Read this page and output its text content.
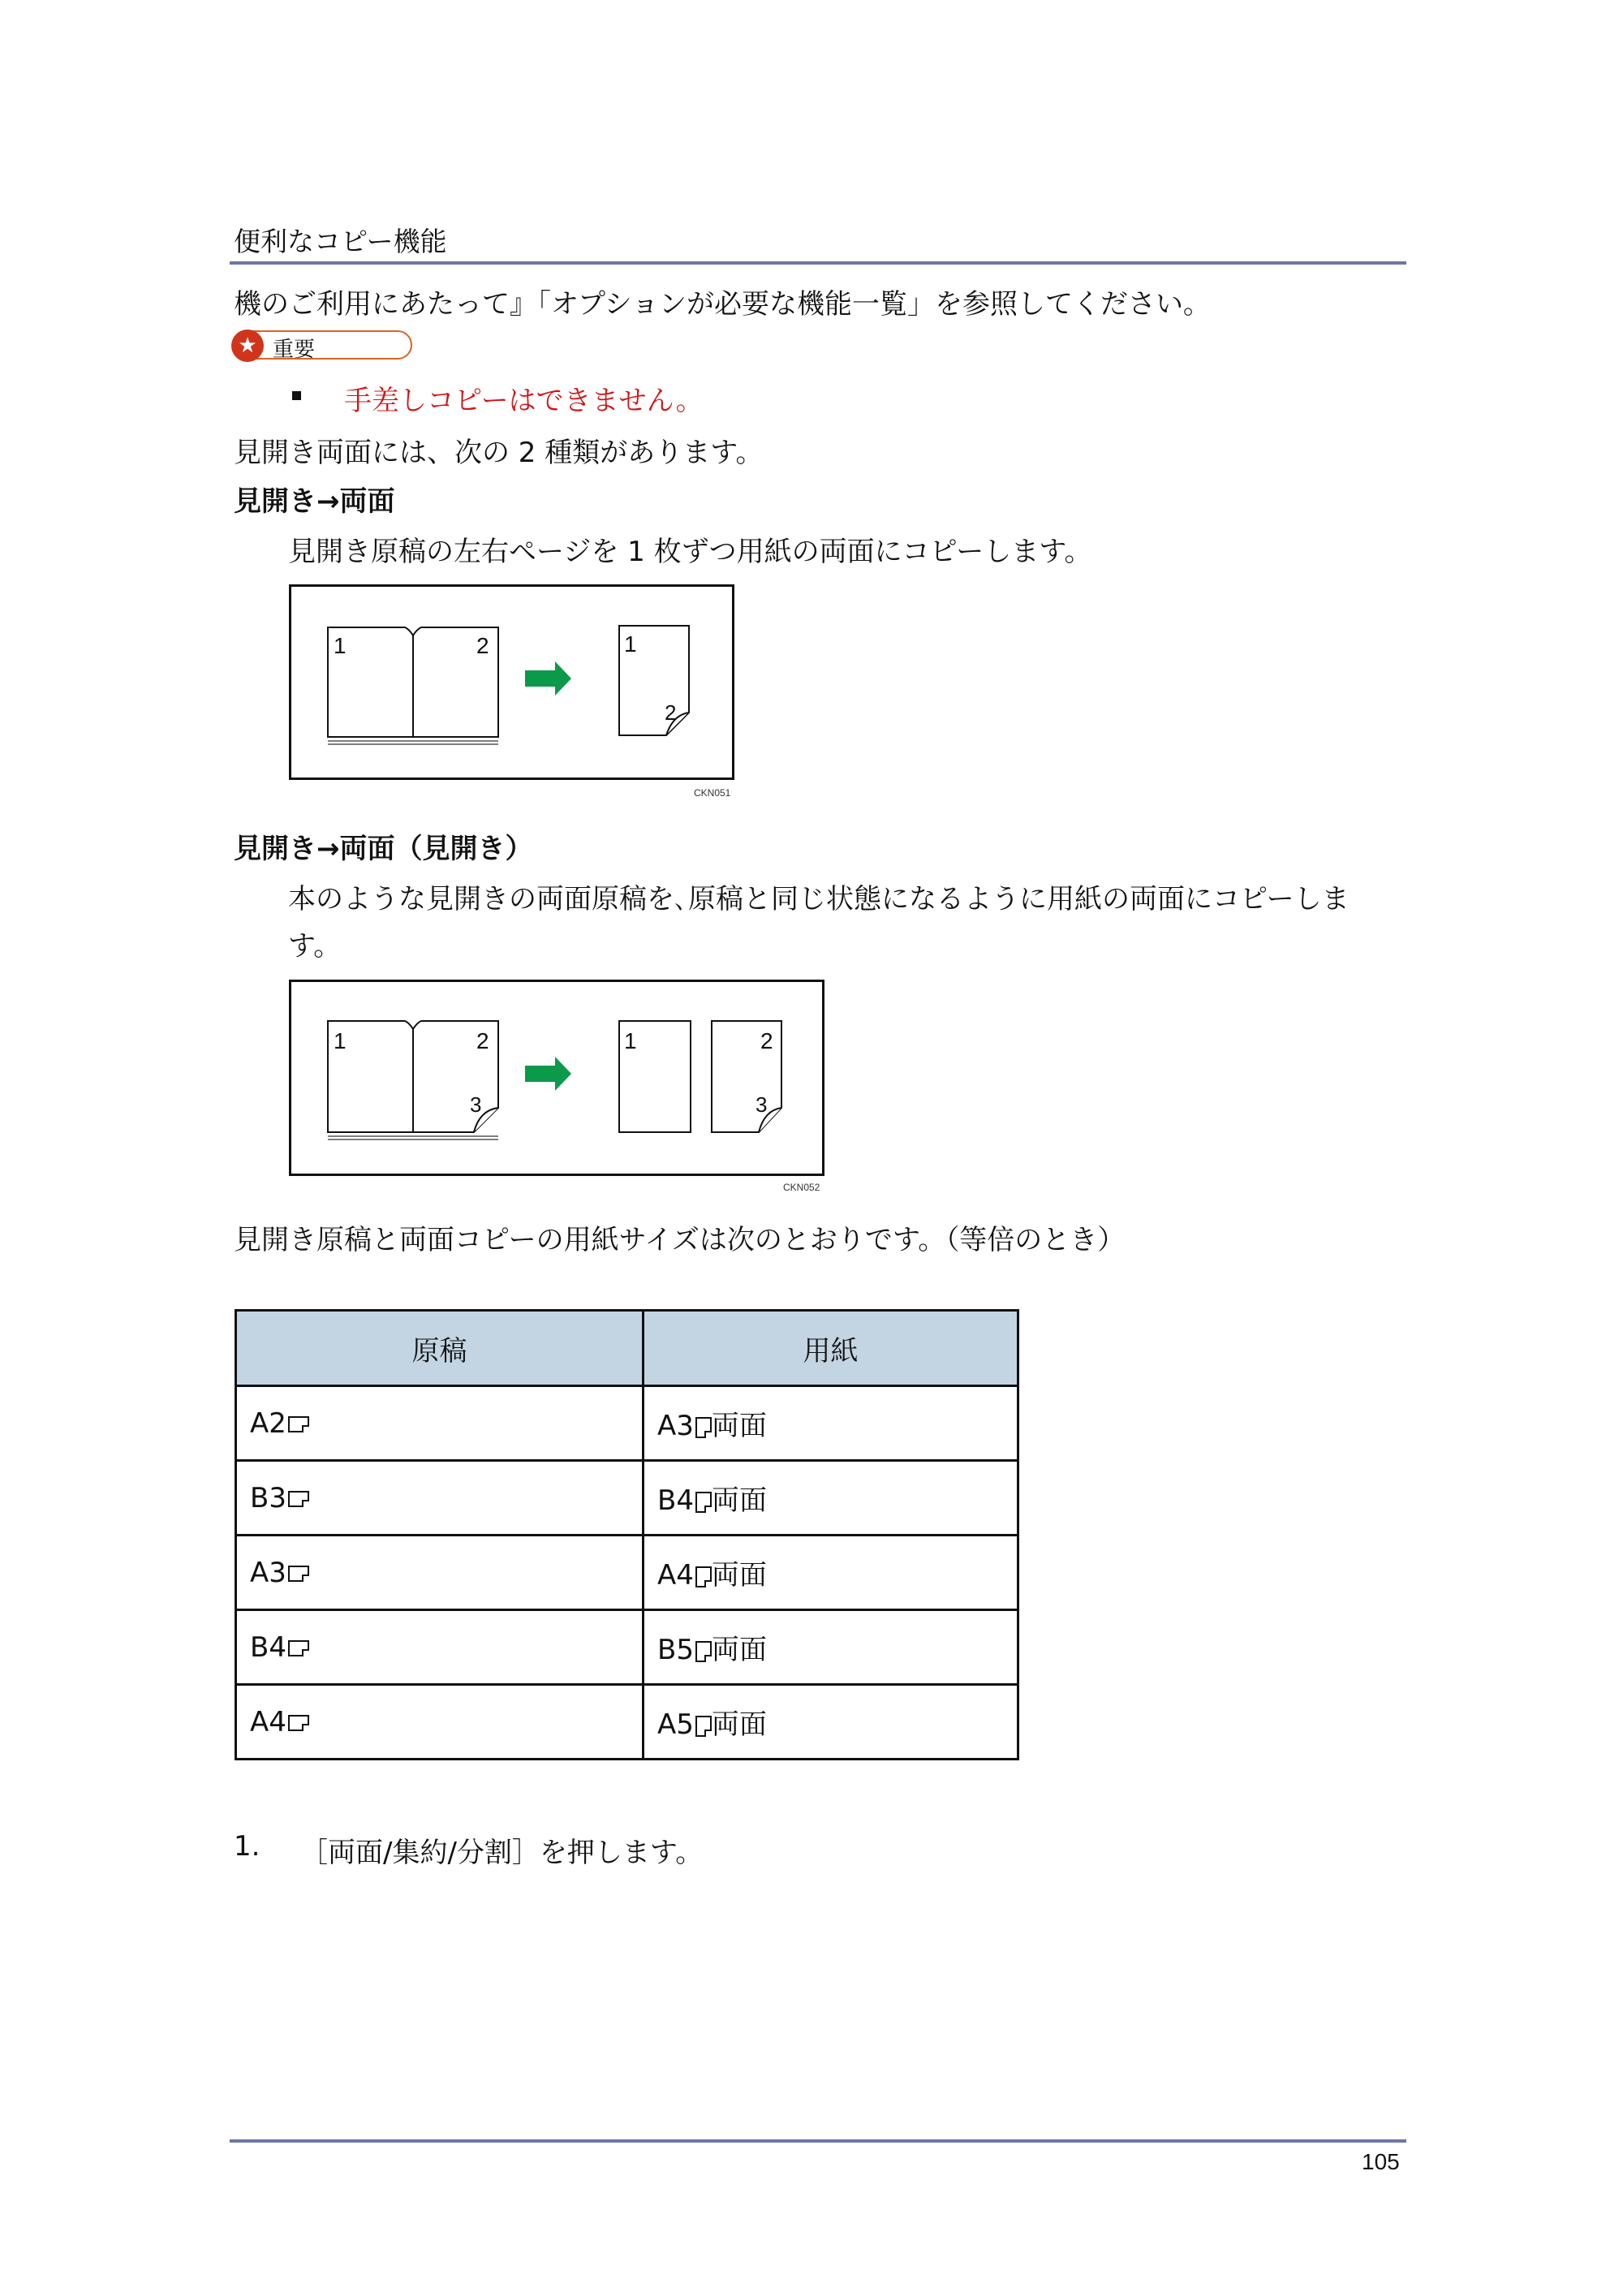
便利なコピー機能
機のご利用にあたって』「オプションが必要な機能一覧」を参照してください。
★ 重要
手差しコピーはできません。
見開き両面には、次の 2 種類があります。
見開き→両面
見開き原稿の左右ページを 1 枚ずつ用紙の両面にコピーします。
1	2	1
2
CKN051
見開き→両面（見開き）
本のような見開きの両面原稿を､原稿と同じ状態になるように用紙の両面にコピーしま
す。
1	2
3
1	2
3
CKN052
見開き原稿と両面コピーの用紙サイズは次のとおりです。（等倍のとき）
原稿	用紙
A2	A3 両面
B3	B4 両面
A3	A4 両面
B4	B5 両面
A4	A5 両面
1. ［両面/集約/分割］を押します。
105
